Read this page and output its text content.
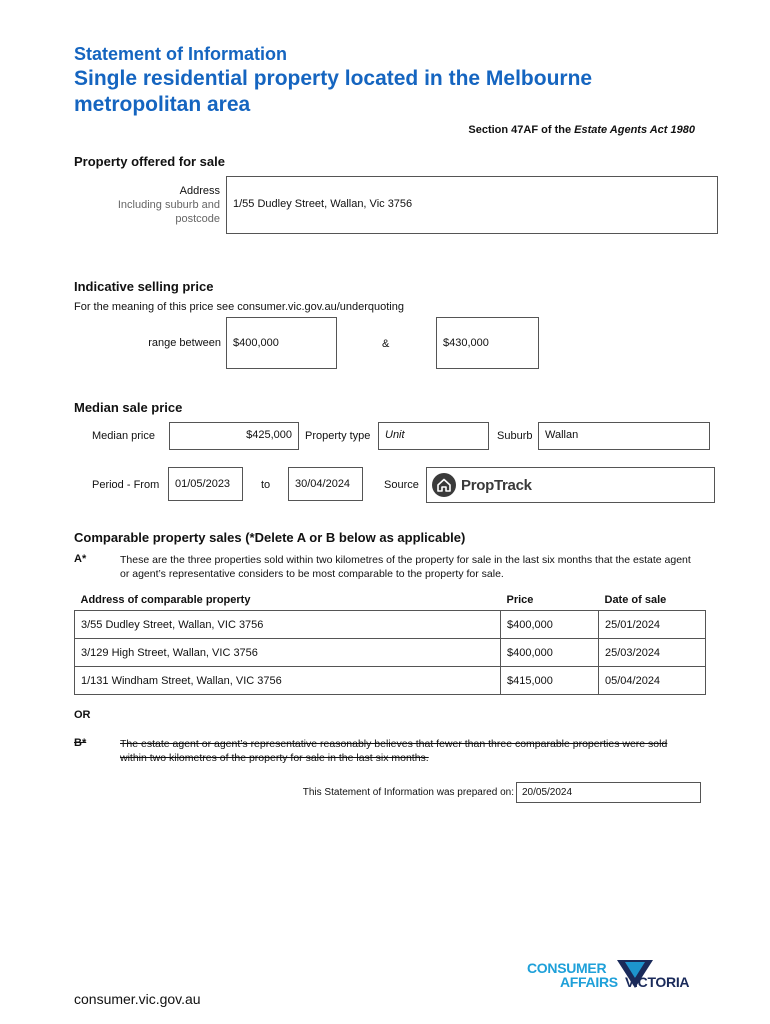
Statement of Information
Single residential property located in the Melbourne metropolitan area
Section 47AF of the Estate Agents Act 1980
Property offered for sale
Address
Including suburb and
postcode
1/55 Dudley Street, Wallan, Vic 3756
Indicative selling price
For the meaning of this price see consumer.vic.gov.au/underquoting
range between	$400,000	&	$430,000
Median sale price
Median price	$425,000	Property type	Unit	Suburb	Wallan
Period - From	01/05/2023	to	30/04/2024	Source	PropTrack
Comparable property sales (*Delete A or B below as applicable)
A*	These are the three properties sold within two kilometres of the property for sale in the last six months that the estate agent or agent’s representative considers to be most comparable to the property for sale.
Address of comparable property	Price	Date of sale
3/55 Dudley Street, Wallan, VIC 3756	$400,000	25/01/2024
3/129 High Street, Wallan, VIC 3756	$400,000	25/03/2024
1/131 Windham Street, Wallan, VIC 3756	$415,000	05/04/2024
OR
B*	The estate agent or agent’s representative reasonably believes that fewer than three comparable properties were sold within two kilometres of the property for sale in the last six months.
This Statement of Information was prepared on: 20/05/2024
consumer.vic.gov.au
CONSUMER
AFFAIRS VICTORIA
